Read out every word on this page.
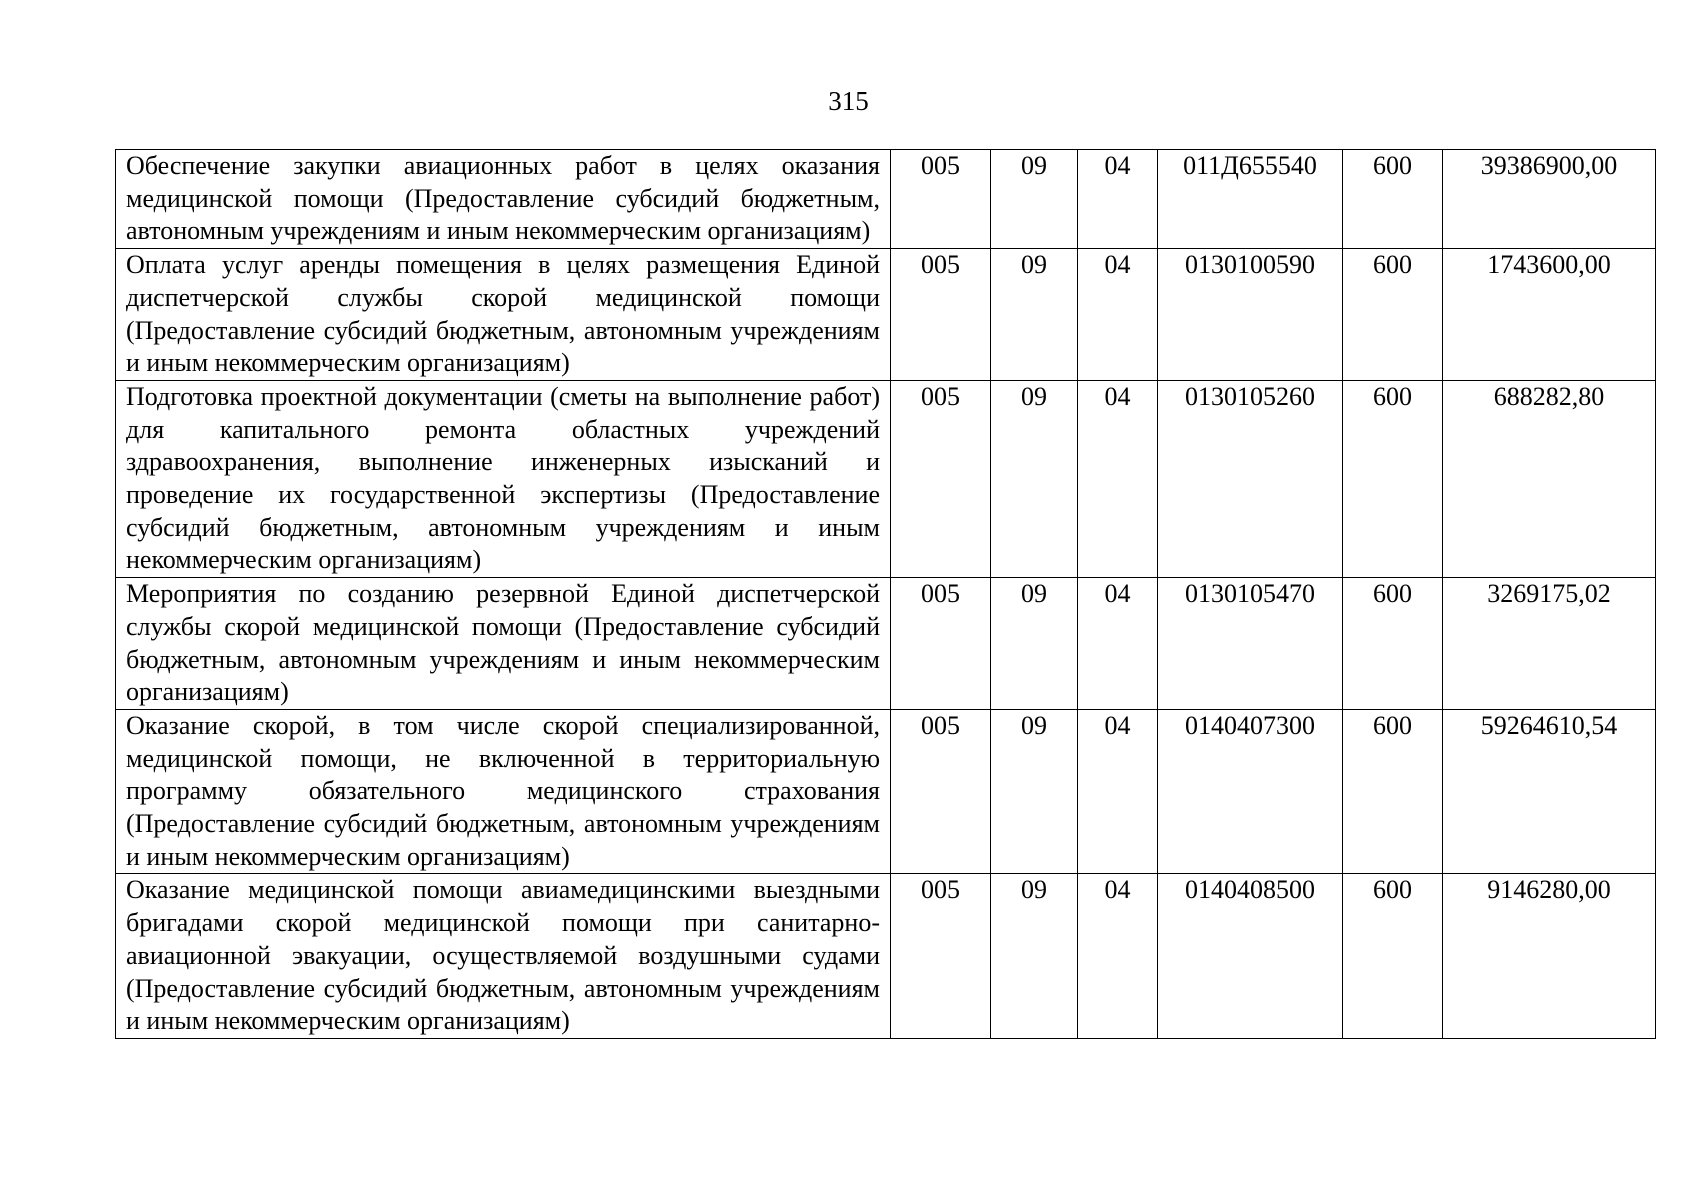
315
Обеспечение закупки авиационных работ в целях оказания медицинской помощи (Предоставление субсидий бюджетным, автономным учреждениям и иным некоммерческим организациям)	005	09	04	011Д655540	600	39386900,00
Оплата услуг аренды помещения в целях размещения Единой диспетчерской службы скорой медицинской помощи (Предоставление субсидий бюджетным, автономным учреждениям и иным некоммерческим организациям)	005	09	04	0130100590	600	1743600,00
Подготовка проектной документации (сметы на выполнение работ) для капитального ремонта областных учреждений здравоохранения, выполнение инженерных изысканий и проведение их государственной экспертизы (Предоставление субсидий бюджетным, автономным учреждениям и иным некоммерческим организациям)	005	09	04	0130105260	600	688282,80
Мероприятия по созданию резервной Единой диспетчерской службы скорой медицинской помощи (Предоставление субсидий бюджетным, автономным учреждениям и иным некоммерческим организациям)	005	09	04	0130105470	600	3269175,02
Оказание скорой, в том числе скорой специализированной, медицинской помощи, не включенной в территориальную программу обязательного медицинского страхования (Предоставление субсидий бюджетным, автономным учреждениям и иным некоммерческим организациям)	005	09	04	0140407300	600	59264610,54
Оказание медицинской помощи авиамедицинскими выездными бригадами скорой медицинской помощи при санитарно-авиационной эвакуации, осуществляемой воздушными судами (Предоставление субсидий бюджетным, автономным учреждениям и иным некоммерческим организациям)	005	09	04	0140408500	600	9146280,00
